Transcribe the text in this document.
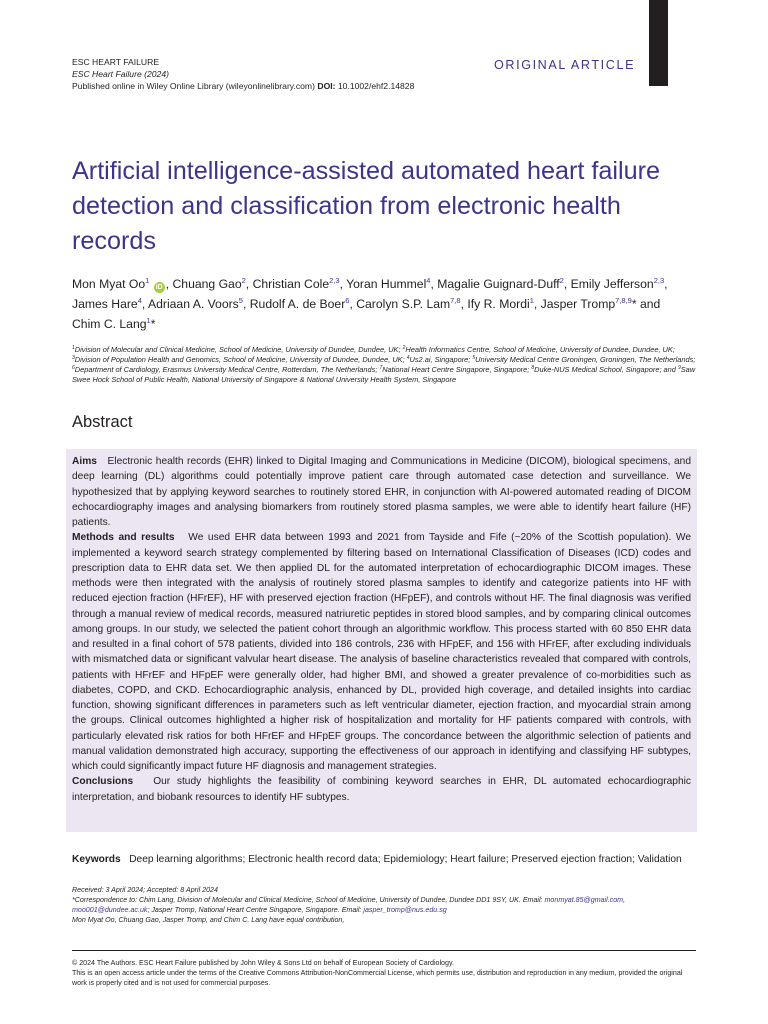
ESC HEART FAILURE
ESC Heart Failure (2024)
Published online in Wiley Online Library (wileyonlinelibrary.com) DOI: 10.1002/ehf2.14828
ORIGINAL ARTICLE
Artificial intelligence-assisted automated heart failure detection and classification from electronic health records

Mon Myat Oo$^1$ iD , Chuang Gao$^2$, Christian Cole$^{2,3}$, Yoran Hummel$^4$, Magalie Guignard-Duff$^2$, Emily Jefferson$^{2,3}$, James Hare$^4$, Adriaan A. Voors$^5$, Rudolf A. de Boer$^6$, Carolyn S.P. Lam$^{7,8}$, Ify R. Mordi$^1$, Jasper Tromp$^{7,8,9}$* and Chim C. Lang$^1$*

$^1$Division of Molecular and Clinical Medicine, School of Medicine, University of Dundee, Dundee, UK; $^2$Health Informatics Centre, School of Medicine, University of Dundee, Dundee, UK; $^3$Division of Population Health and Genomics, School of Medicine, University of Dundee, Dundee, UK; $^4$Us2.ai, Singapore; $^5$University Medical Centre Groningen, Groningen, The Netherlands; $^6$Department of Cardiology, Erasmus University Medical Centre, Rotterdam, The Netherlands; $^7$National Heart Centre Singapore, Singapore; $^8$Duke-NUS Medical School, Singapore; and $^9$Saw Swee Hock School of Public Health, National University of Singapore & National University Health System, Singapore

Abstract

Aims Electronic health records (EHR) linked to Digital Imaging and Communications in Medicine (DICOM), biological specimens, and deep learning (DL) algorithms could potentially improve patient care through automated case detection and surveillance. We hypothesized that by applying keyword searches to routinely stored EHR, in conjunction with AI-powered automated reading of DICOM echocardiography images and analysing biomarkers from routinely stored plasma samples, we were able to identify heart failure (HF) patients.

Methods and results We used EHR data between 1993 and 2021 from Tayside and Fife (~20% of the Scottish population). We implemented a keyword search strategy complemented by filtering based on International Classification of Diseases (ICD) codes and prescription data to EHR data set. We then applied DL for the automated interpretation of echocardiographic DICOM images. These methods were then integrated with the analysis of routinely stored plasma samples to identify and categorize patients into HF with reduced ejection fraction (HFrEF), HF with preserved ejection fraction (HFpEF), and controls without HF. The final diagnosis was verified through a manual review of medical records, measured natriuretic peptides in stored blood samples, and by comparing clinical outcomes among groups. In our study, we selected the patient cohort through an algorithmic workflow. This process started with 60 850 EHR data and resulted in a final cohort of 578 patients, divided into 186 controls, 236 with HFpEF, and 156 with HFrEF, after excluding individuals with mismatched data or significant valvular heart disease. The analysis of baseline characteristics revealed that compared with controls, patients with HFrEF and HFpEF were generally older, had higher BMI, and showed a greater prevalence of co-morbidities such as diabetes, COPD, and CKD. Echocardiographic analysis, enhanced by DL, provided high coverage, and detailed insights into cardiac function, showing significant differences in parameters such as left ventricular diameter, ejection fraction, and myocardial strain among the groups. Clinical outcomes highlighted a higher risk of hospitalization and mortality for HF patients compared with controls, with particularly elevated risk ratios for both HFrEF and HFpEF groups. The concordance between the algorithmic selection of patients and manual validation demonstrated high accuracy, supporting the effectiveness of our approach in identifying and classifying HF subtypes, which could significantly impact future HF diagnosis and management strategies.

Conclusions Our study highlights the feasibility of combining keyword searches in EHR, DL automated echocardiographic interpretation, and biobank resources to identify HF subtypes.

Keywords Deep learning algorithms; Electronic health record data; Epidemiology; Heart failure; Preserved ejection fraction; Validation

Received: 3 April 2024; Accepted: 8 April 2024
*Correspondence to: Chim Lang, Division of Molecular and Clinical Medicine, School of Medicine, University of Dundee, Dundee DD1 9SY, UK. Email: monmyat.85@gmail.com, moo001@dundee.ac.uk; Jasper Tromp, National Heart Centre Singapore, Singapore. Email: jasper_tromp@nus.edu.sg
Mon Myat Oo, Chuang Gao, Jasper Tromp, and Chim C. Lang have equal contribution,
© 2024 The Authors. ESC Heart Failure published by John Wiley & Sons Ltd on behalf of European Society of Cardiology.
This is an open access article under the terms of the Creative Commons Attribution-NonCommercial License, which permits use, distribution and reproduction in any medium, provided the original work is properly cited and is not used for commercial purposes.
